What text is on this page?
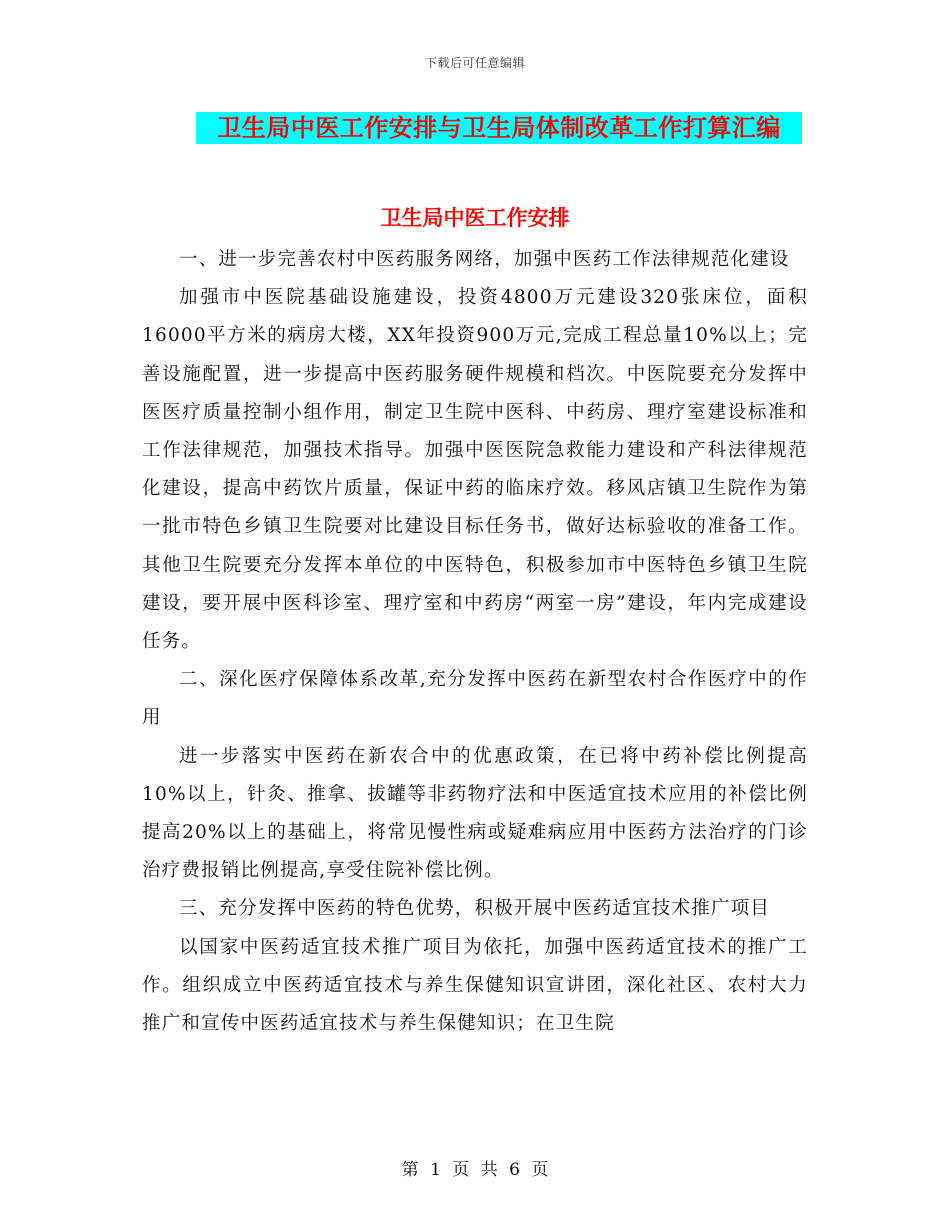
下载后可任意编辑
卫生局中医工作安排与卫生局体制改革工作打算汇编
卫生局中医工作安排

一、进一步完善农村中医药服务网络，加强中医药工作法律规范化建设

加强市中医院基础设施建设，投资4800万元建设320张床位，面积16000平方米的病房大楼，XX年投资900万元,完成工程总量10%以上；完善设施配置，进一步提高中医药服务硬件规模和档次。中医院要充分发挥中医医疗质量控制小组作用，制定卫生院中医科、中药房、理疗室建设标准和工作法律规范，加强技术指导。加强中医医院急救能力建设和产科法律规范化建设，提高中药饮片质量，保证中药的临床疗效。移风店镇卫生院作为第一批市特色乡镇卫生院要对比建设目标任务书，做好达标验收的准备工作。其他卫生院要充分发挥本单位的中医特色，积极参加市中医特色乡镇卫生院建设，要开展中医科诊室、理疗室和中药房“两室一房”建设，年内完成建设任务。

二、深化医疗保障体系改革,充分发挥中医药在新型农村合作医疗中的作用

进一步落实中医药在新农合中的优惠政策，在已将中药补偿比例提高10%以上，针灸、推拿、拔罐等非药物疗法和中医适宜技术应用的补偿比例提高20%以上的基础上，将常见慢性病或疑难病应用中医药方法治疗的门诊治疗费报销比例提高,享受住院补偿比例。

三、充分发挥中医药的特色优势，积极开展中医药适宜技术推广项目

以国家中医药适宜技术推广项目为依托，加强中医药适宜技术的推广工作。组织成立中医药适宜技术与养生保健知识宣讲团，深化社区、农村大力推广和宣传中医药适宜技术与养生保健知识；在卫生院

第 1 页 共 6 页
